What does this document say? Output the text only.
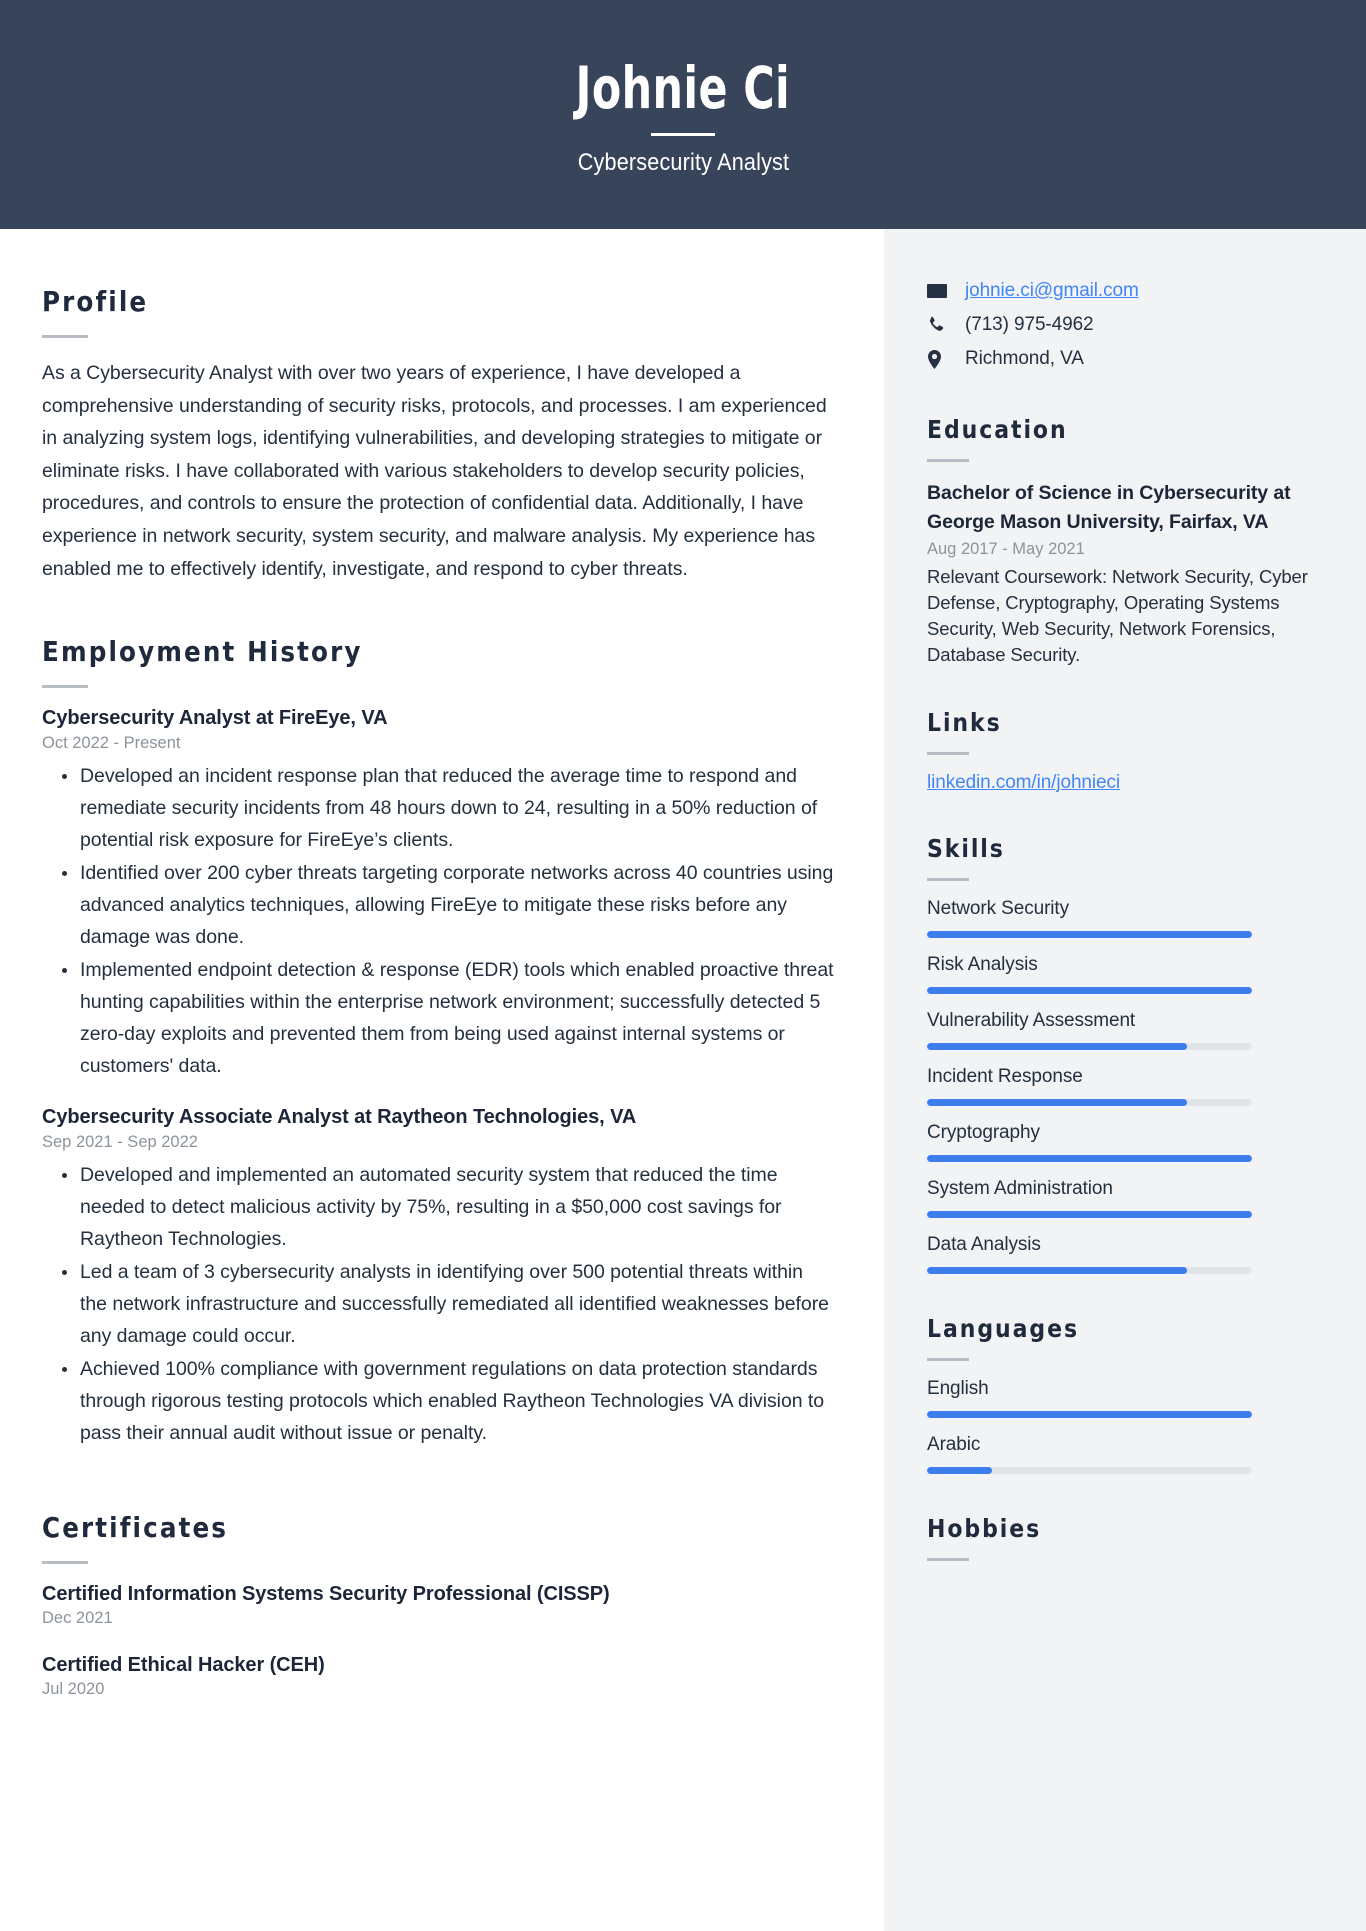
Johnie Ci
Cybersecurity Analyst
Profile

As a Cybersecurity Analyst with over two years of experience, I have developed a comprehensive understanding of security risks, protocols, and processes. I am experienced in analyzing system logs, identifying vulnerabilities, and developing strategies to mitigate or eliminate risks. I have collaborated with various stakeholders to develop security policies, procedures, and controls to ensure the protection of confidential data. Additionally, I have experience in network security, system security, and malware analysis. My experience has enabled me to effectively identify, investigate, and respond to cyber threats.

Employment History
Cybersecurity Analyst at FireEye, VA
Oct 2022 - Present
Developed an incident response plan that reduced the average time to respond and remediate security incidents from 48 hours down to 24, resulting in a 50% reduction of potential risk exposure for FireEye’s clients.
Identified over 200 cyber threats targeting corporate networks across 40 countries using advanced analytics techniques, allowing FireEye to mitigate these risks before any damage was done.
Implemented endpoint detection & response (EDR) tools which enabled proactive threat hunting capabilities within the enterprise network environment; successfully detected 5 zero-day exploits and prevented them from being used against internal systems or customers' data.
Cybersecurity Associate Analyst at Raytheon Technologies, VA
Sep 2021 - Sep 2022
Developed and implemented an automated security system that reduced the time needed to detect malicious activity by 75%, resulting in a $50,000 cost savings for Raytheon Technologies.
Led a team of 3 cybersecurity analysts in identifying over 500 potential threats within the network infrastructure and successfully remediated all identified weaknesses before any damage could occur.
Achieved 100% compliance with government regulations on data protection standards through rigorous testing protocols which enabled Raytheon Technologies VA division to pass their annual audit without issue or penalty.
Certificates
Certified Information Systems Security Professional (CISSP)
Dec 2021
Certified Ethical Hacker (CEH)
Jul 2020
johnie.ci@gmail.com
(713) 975-4962
Richmond, VA
Education
Bachelor of Science in Cybersecurity at George Mason University, Fairfax, VA
Aug 2017 - May 2021
Relevant Coursework: Network Security, Cyber Defense, Cryptography, Operating Systems Security, Web Security, Network Forensics, Database Security.
Links
linkedin.com/in/johnieci
Skills
Network Security
Risk Analysis
Vulnerability Assessment
Incident Response
Cryptography
System Administration
Data Analysis
Languages
English
Arabic
Hobbies
